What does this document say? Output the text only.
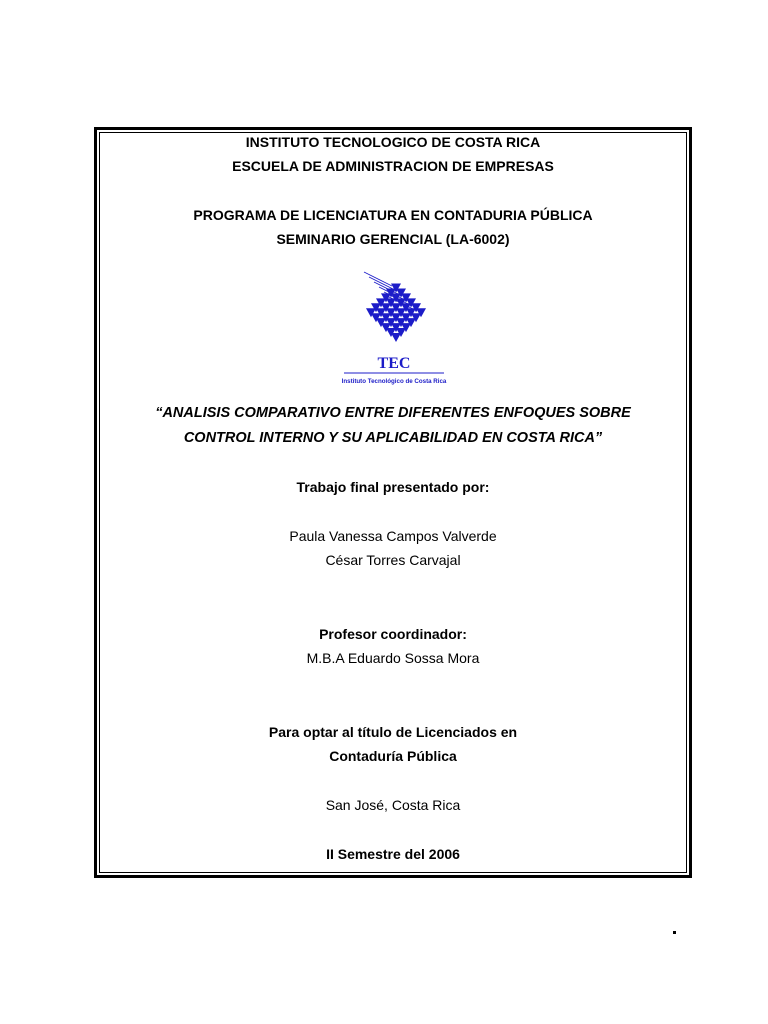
INSTITUTO TECNOLOGICO DE COSTA RICA
ESCUELA DE ADMINISTRACION DE EMPRESAS
PROGRAMA DE LICENCIATURA EN CONTADURIA PÚBLICA
SEMINARIO GERENCIAL (LA-6002)
TEC
Instituto Tecnológico de Costa Rica
“ANALISIS COMPARATIVO ENTRE DIFERENTES ENFOQUES SOBRE
CONTROL INTERNO Y SU APLICABILIDAD EN COSTA RICA”
Trabajo final presentado por:
Paula Vanessa Campos Valverde
César Torres Carvajal
Profesor coordinador:
M.B.A Eduardo Sossa Mora
Para optar al título de Licenciados en
Contaduría Pública
San José, Costa Rica
II Semestre del 2006
